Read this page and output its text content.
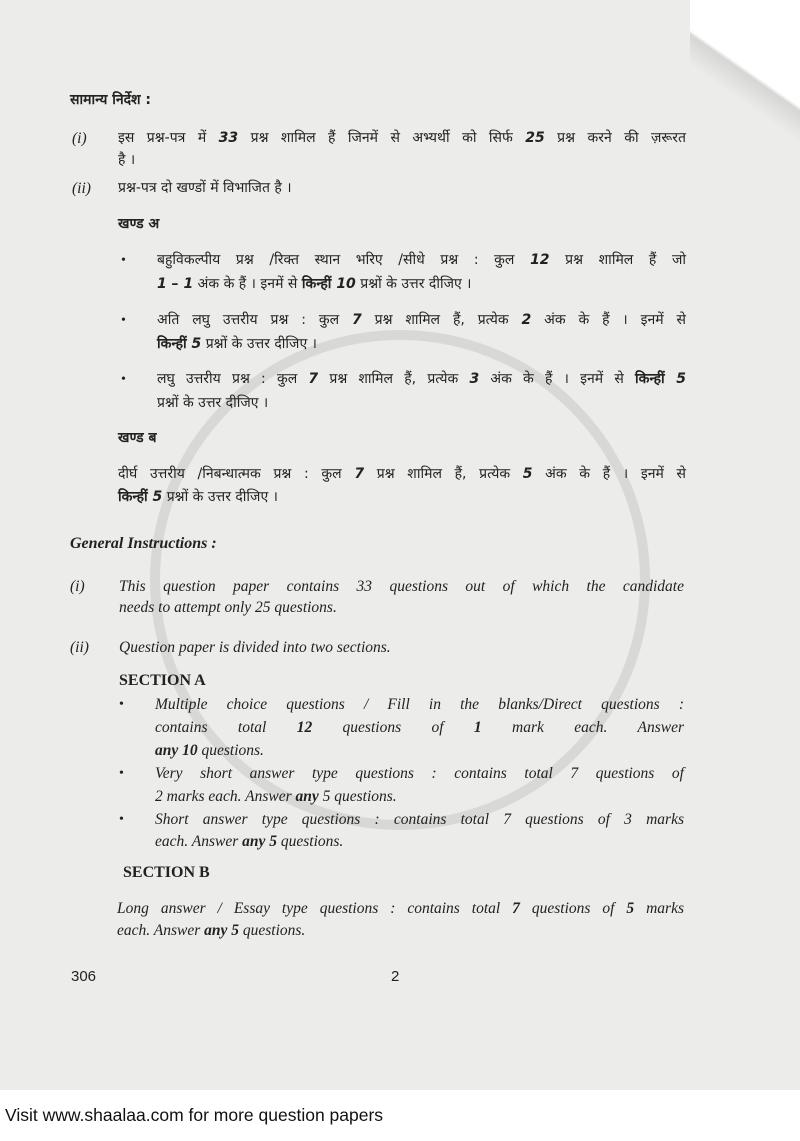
सामान्य निर्देश :
(i) इस प्रश्न-पत्र में 33 प्रश्न शामिल हैं जिनमें से अभ्यर्थी को सिर्फ 25 प्रश्न करने की ज़रूरत
है ।
(ii) प्रश्न-पत्र दो खण्डों में विभाजित है ।
खण्ड अ
• बहुविकल्पीय प्रश्न /रिक्त स्थान भरिए /सीधे प्रश्न : कुल 12 प्रश्न शामिल हैं जो
1 – 1 अंक के हैं । इनमें से किन्हीं 10 प्रश्नों के उत्तर दीजिए ।
• अति लघु उत्तरीय प्रश्न : कुल 7 प्रश्न शामिल हैं, प्रत्येक 2 अंक के हैं । इनमें से
किन्हीं 5 प्रश्नों के उत्तर दीजिए ।
• लघु उत्तरीय प्रश्न : कुल 7 प्रश्न शामिल हैं, प्रत्येक 3 अंक के हैं । इनमें से किन्हीं 5
प्रश्नों के उत्तर दीजिए ।
खण्ड ब
दीर्घ उत्तरीय /निबन्धात्मक प्रश्न : कुल 7 प्रश्न शामिल हैं, प्रत्येक 5 अंक के हैं । इनमें से
किन्हीं 5 प्रश्नों के उत्तर दीजिए ।
General Instructions :
(i) This question paper contains 33 questions out of which the candidate
needs to attempt only 25 questions.
(ii) Question paper is divided into two sections.
SECTION A
• Multiple choice questions / Fill in the blanks/Direct questions :
contains total 12 questions of 1 mark each. Answer
any 10 questions.
• Very short answer type questions : contains total 7 questions of
2 marks each. Answer any 5 questions.
• Short answer type questions : contains total 7 questions of 3 marks
each. Answer any 5 questions.
SECTION B
Long answer / Essay type questions : contains total 7 questions of 5 marks
each. Answer any 5 questions.
306	2
Visit www.shaalaa.com for more question papers
